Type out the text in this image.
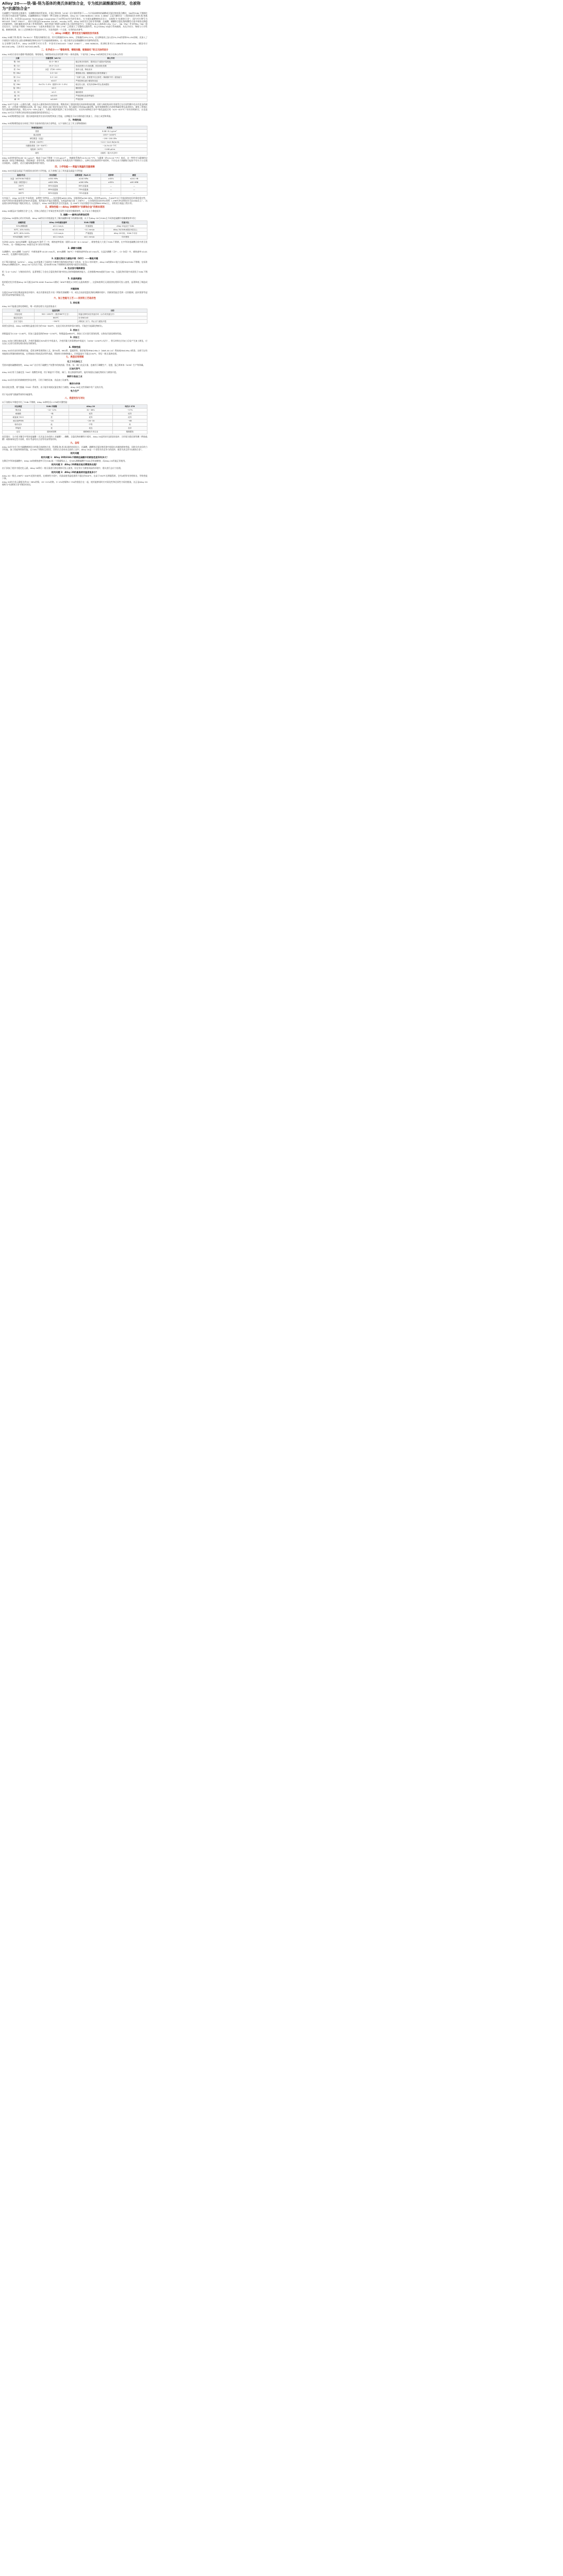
Alloy 20——铁-镍-铬为基体的奥氏体耐蚀合金，专为抵抗硫酸腐蚀研发，也被称为“抗腐蚀合金”

在硫酸生产线的热交换器中，在磷酸浓缩的管束间，在氯乙烯单体（VCM）反应器的管排下——当介质高腐蚀的硫酸或含氯化物的混合酸时，304和316L不锈钢往往在数月内就出现严重腐蚀。在硫酸腐蚀这个领域有一种合金被人们熟知的，Alloy 20（UNS N08020 / W.Nr. 2.4660）正是为解决这一工程困境而生的铁-镍-铬基奥氏体合金。由美国Carpenter Technology Corporation于20世纪50年代研发推出，专为抵抗硫酸腐蚀而设计，也被称为“抗腐蚀合金”，国内对应牌号为NS1403（GB/T 15007），商业名称包括Carpenter 20Cb3、Incoloy 20等。Alloy 20的设计目标非常明确：在硫酸、磷酸和含氯化物的酸性介质中保持长期稳定的耐蚀性，同时兼顾良好的加工性和焊接性，填补普通不锈钢与高镍合金之间的性能空白，它通过Fe-Ni-Cr基体加入Mo（Cu）、Nb（Mo）并采用Mo（Nb）稳定化设计，在性能不锈钢（304/316L）与高成本镍基合金（如C-276）之间建立了完整的过渡体系。本文对Alloy 20进行系统梳理，从化学成分、物理与力学性能、耐腐蚀机理、加工工艺到典型应用及选材对比，为读者提供一个全面、实用的技术参考。

一、Alloy 20概述：牌号定位与编制的技术体系

Alloy 20属于铁-镍-铬（Fe-Ni-Cr）系奥氏体耐蚀合金，其中含镍量约32%-38%，含铬量约19%-21%，在这种基体上加入约2%-3%的钼和3%-4%的铜，还加入了少量铌作为稳定化元素以抑制碳化物析出而产生的晶间腐蚀倾向，这一组合使其在处理硫酸时具有独特的优势。

在全球牌号体系中，Alloy 20的牌号对应关系：中国对应NS1403（GB/T 15007）、UNS N08020，欧洲标准对应2.4660和NiCr20CuMo，德国对应NiCr20CuMo，日本对应 NCF20CuMo等。

二、化学成分——“镍铬骨架、铜钼抗酸、铌稳固化”的五元协同设计

Alloy 20的合金设计遵循“镍基稳固、铬铝钝化、铜钼协同抗还原性酸”四位一体的思路，下表列出了Alloy 20的典型化学成分及核心作用：

元素	含量范围（wt.%）	核心作用
镍（Ni）	32.0~38.0	稳定奥氏体基体，提高抗应力腐蚀开裂性能
铬（Cr）	19.0~21.0	形成致密Cr₂O₃钝化膜，抵抗氧化性酸
铁（Fe）	余量（约30~40%）	基体元素，降低成本
钼（Mo）	2.0~3.0	增强耐点蚀、缝隙腐蚀及还原性酸能力
铜（Cu）	3.0~4.0	“灵魂”元素，显著提升抗还原性（稀硫酸中的）腐蚀能力
碳（C）	≤0.07	严格控制以减少碳化物沉淀
铌（Nb）	8×C%~1.0%（通常0.15~1.0%）	稳定化元素，优先形成NbC防止晶间腐蚀
锰（Mn）	≤2.0	辅助脱氧
硅（Si）	≤1.0	辅助脱氧
硫（S）	≤0.035	严格控制以改善焊接性
磷（P）	≤0.045	严格控制

Alloy 20中不是单一元素的贡献，而是各元素间协同作用的结果。镍铬形成了稳固的奥氏体基体和钝化膜，而钼与铜的协同作用使得它在还原性酸中也具有优良的耐蚀性，这一点普通不锈钢难以达到。铌（Nb）的加入属于稳定化技术手段，铌与碳结合形成NbC碳化物，能有效抑制焊后冷却时铬碳化物在晶界析出，避免了焊接区发生晶间腐蚀的风险。镍在32%~38%含量下，为奥氏体组织提供了充分的稳定性，从而有效降低合金中“敏化温度区间（425~815℃）”的有害相析出，这也是Alloy 20可以不用焊后热处理而直接服役的重要原因之一。

Alloy 20的物理性能方面：奥氏体组织使其有良好的韧性和加工性能，这种配比可以方便的进行热加工、冷加工成型和焊接。

三、物理性能

Alloy 20的物理性能充分体现了铁作为基体的奥氏体合金特征。以下表格汇总了其主要物理指标：

物理性能项目	典型值
密度	8.08~8.1 g/cm³
熔点范围	1357~1430℃
弹性模量（室温）	~190~200 GPa
热导率（100℃）	~12.2~14.0 W/(m·K)
线膨胀系数（20~300℃）	~14.9×10⁻⁶/℃
电阻率（20℃）	~0.98 μΩ·m
磁性	无磁性（退火状态时）

Alloy 20的密度约8.08~8.1 g/cm³，略高于304不锈钢（7.93 g/cm³）。热膨胀系数约14.9×10⁻⁶/℃，与碳钢（约12×10⁻⁶/℃）接近，这一特性对与碳钢的设备连接（如复合钢板制造、管板制造）非常有利。线性膨胀比相较于传统奥氏体不锈钢较小，这种合金在换热管中使用时，不存在由于热膨胀引起的不均匀力与全奥氏体组织。无磁性，适合在磁场敏感环境中使用。

四、力学性能——常温与高温的双重保障

Alloy 20在室温及高温下均展现出良好的力学性能。以下表格汇总了其室温及高温力学性能：

温度/状态	抗拉强度	屈服强度（Rp0.2）	延伸率	硬度
室温（ASTM B473要求）	≥550 MPa	≥240 MPa	≥30%	≤241 HB
室温（典型退火）	≥620 MPa	≥280 MPa	≥35%	≤90 HRB
200℃	85%室温值	80%室温值	—	—
300℃	85%室温值	75%室温值	—	—
400℃	80%室温值	70%室温值	—	—

在室温下，Alloy 20呈现“中高强度、高塑性”的特征——抗拉强度≥620 MPa，屈服强度≥300 MPa，延伸率≥40%。在400℃以下仍能保持较好的强度稳定性，400℃时抗拉强度保持在约80%室温值，使其能在中温区间服役。在低温性能方面（-196℃），它仍保持优良的冲击韧性（-196℃冲击吸收功可达100J以上），这是奥氏体结构低温不脆化的优点。在低温下，Alloy 20的强度甚至比室温高，在-196℃下抗拉强度可以达到800 MPa以上，非常适合低温工程应用。

五、耐蚀性能——Alloy 20被称为“抗腐蚀合金”的根本原因

Alloy 20被冠以“抗腐蚀合金”之名，其核心价值在于对氧化性和还原性介质的均衡耐蚀性，以下从五个维度展开：

1. 硫酸——最突出的耐蚀优势

这是Alloy 20最核心的应用场景。Alloy 20的设计初衷就是为了解决硫酸环境下的腐蚀问题，以下为Alloy 20与316L在不同浓度硫酸中的耐腐蚀率对比：

硫酸浓度	Alloy 20年腐蚀速率	316L不锈钢	性能对比
50%沸腾硫酸	≤0.1 mm/a	快速腐蚀	Alloy 20远优于316L
50℃, 10% H₂SO₄	≤0.01 mm/a	~0.1 mm/a	Alloy 20/316L耐蚀10倍以上
80℃, 80% H₂SO₄	~0.3 mm/a	严重腐蚀	Alloy 20可用，316L不可用
93%浓硫酸（60℃）	≤0.1 mm/a	≤0.1 mm/a	均可使用

在浓度<40%~60%的硫酸（温度≤80℃条件下）中，腐蚀速率很低（通常<0.05~0.1 mm/a），耐蚀性能大大优于316L不锈钢，在中等浓度硫酸区间中甚至优于904L，这一领域是Alloy 20最具竞争力的应用领域。

2. 磷酸与硝酸

在磷酸中，85%磷酸（100℃）中腐蚀速率<0.05 mm/年，85%磷酸（80℃）中腐蚀速率约0.03 mm/年，在湿法磷酸（含F⁻、Cl⁻杂质）中，腐蚀速率<0.01 mm/年，在混酸中表现也很好。

3. 抗氯化物应力腐蚀开裂（SCC）——镍是关键

由于镍含量较高（≥32%），Alloy 20对氯离子引起的应力腐蚀开裂的抵抗性能十分优良，在含Cl⁻的环境中，Alloy 20的耐SCC能力远超304/316L不锈钢。在标准的MgCl₂沸腾试验中，Alloy 20不会发生开裂，而304和316L不锈钢则在短时间内就会出现裂纹。

4. 抗点蚀与缝隙腐蚀

钼（2.0~3.0%）与铬协同作用，显著增强了合金在含氯化物环境中的抗点蚀和缝隙腐蚀能力。点蚀指数PREN值约为26~30，在氯化物环境中表现优于316L不锈钢。

5. 抗晶间腐蚀

铌的稳定化作用使Alloy 20可通过ASTM A262 Practice E测试（650℃敏化2小时后无晶界腐蚀）。这意味着焊后无需固溶处理即可投入使用，显著降低了制造成本。

关键限制

在超过550℃的长期高温氧化环境中，或在有强氧化性介质（例如发烟硝酸）中，或在含高浓度氯化物的沸腾环境中，其耐蚀性能会受到一定的限制，此时需要考虑选用更高等级的镍基合金。

六、加工性能与工艺——良好的工艺适应性
1. 热处理

Alloy 20不能通过热处理硬化，唯一的热处理方式是固溶退火：

工艺	温度范围	目的
固溶处理	920~1050℃（推荐980℃左右）	保温足够时间后快速冷却（水冷或快速空冷）
稳定化退火	840℃	针对NS143
去应力退火	~550℃	消除加工应力，防止应力腐蚀开裂

需要注意的是，Alloy 20的敏化温度区间为约700~900℃，在此区间长时间停留应避免，可能会引起碳化物析出。

2. 热加工

热锻温度为1110~1140℃，但加工温度范围约900~1150℃，终锻温度≥850℃，热加工后应进行固溶处理，以恢复其最佳耐蚀性能。

3. 冷加工

Alloy 20加工硬化倾向显著，冷变形量超过30%时应中间退火，冷变形量大时需增加中间退火（1050~1150℃/水冷），积压材料在冷加工后易产生加工硬化，应在加工后进行固溶处理以恢复其耐蚀性。

4. 焊接性能

Alloy 20具有良好的焊接性能，适用各种常规焊接工艺，如TIG焊、MIG焊、氩弧焊等，推荐使用ERNiCrMo-3（AWS A5.14）焊丝或ENiCrMo-3焊条，这样可以有效地保证焊缝的耐蚀性能。在焊接前应彻底清洁焊件表面，焊接时应控制热输入，层间温度应不超过150℃，焊后一般无需热处理。

七、典型应用领域
化工与石油化工

凭借卓越的硫酸耐蚀性，Alloy 20广泛应用于硫酸生产装置中的换热器、管道、泵、阀门及反应器，也被用于磷酸生产、化肥、氯乙烯单体（VCM）生产等领域。

石油天然气

Alloy 20应用于含硫化氢（H₂S）的酸性环境，用于制造井下管柱、阀门、热交换器等部件，能有效抵抗含硫化物的应力腐蚀开裂。

制药与食品工业

Alloy 20具有良好的耐腐蚀性和洁净性，可用于制药设备、食品加工设备等。

海洋与环保

海水淡化装置、烟气脱硫（FGD）系统等，由于能有效抵抗氯化物应力腐蚀，Alloy 20在这些领域中有广泛的应用。

电力生产

用于电站烟气脱硫系统和冷凝器等。

八、选型定位与对比

以下表格从多维度对比了316L不锈钢，Alloy 20和哈氏C-276的关键性能：

对比维度	316L不锈钢	Alloy 20	哈氏C-276
镍含量	~10~12%	32~38%	~57%
耐硫酸	一般	优异	优异
耐氯离子SCC	差	优异	优异
耐点蚀PREN	~24	~26~30	~68
相对成本	低	中等	高
焊接性	优	优良	良好
定位	通用耐蚀钢	硫酸耐蚀专用合金	极端腐蚀

选型建议：当介质为稀至中等浓度硫酸（尤其是含杂质的工业硫酸）、磷酸、含氯化物的酸性介质时，Alloy 20是性价比最优的选择；当环境为强还原性酸（例如盐酸）或极端氧化性介质时，则应考虑哈氏合金等更高等级材料。

九、总结

Alloy 20作为专门针对硫酸腐蚀设计的奥氏体耐蚀合金，凭借镍-铬-钼-铜-铌的协同设计，在硫酸、磷酸和含氯化物环境中展现出卓越的耐蚀性能，同时具有良好的力学性能、加工性能和焊接性能。在316L不锈钢无法胜任、而哈氏合金成本过高的工况中，Alloy 20是一个非常具有竞争力的选择，被誉为真正的“抗腐蚀合金”。

相关问题
相关问题 1：Alloy 20和316L不锈钢在硫酸中的耐蚀性差异有多大？

在稀至中等浓度硫酸中，Alloy 20的腐蚀速率可比316L低一个数量级以上，在50%沸腾硫酸中316L会快速腐蚀，而Alloy 20仍能正常使用。

相关问题 2：Alloy 20焊接后是否需要热处理？

由于添加了铌作为稳定化元素，Alloy 20焊后一般无需进行热处理即可投入使用，但在有应力腐蚀风险的环境中，建议进行去应力处理。

相关问题 3：Alloy 20的最高使用温度是多少？

Alloy 20一般在-196℃~400℃范围内使用，在腐蚀性介质中，其最高使用温度通常不超过约500℃，在高于550℃长期服役时，会有σ相等有害相析出，导致性能下降。

Alloy 20的合金元素配比约32~38%的镍、19~21%的铬、3~4%的铜和2~3%的钼组合在一起，使其能够同时应对氧化性和还原性介质的挑战，这正是Alloy 20被称为“抗腐蚀合金”的根本原因。
